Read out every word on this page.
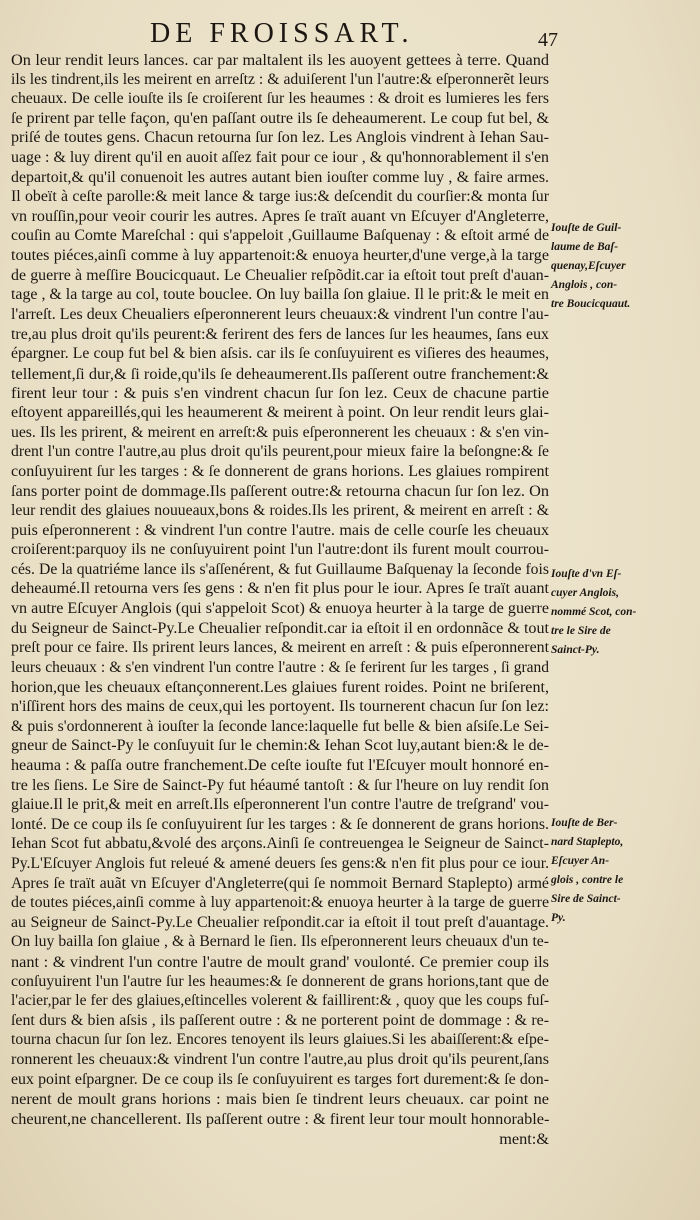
DE FROISSART.	47
On leur rendit leurs lances. car par maltalent ils les auoyent gettees à terre. Quand
ils les tindrent,ils les meirent en arreſtz : & aduiſerent l'un l'autre:& eſperonnerẽt leurs
cheuaux. De celle iouſte ils ſe croiſerent ſur les heaumes : & droit es lumieres les fers
ſe prirent par telle façon, qu'en paſſant outre ils ſe deheaumerent. Le coup fut bel, &
priſé de toutes gens. Chacun retourna ſur ſon lez. Les Anglois vindrent à Iehan Sau-
uage : & luy dirent qu'il en auoit aſſez fait pour ce iour , & qu'honnorablement il s'en
departoit,& qu'il conuenoit les autres autant bien iouſter comme luy , & faire armes.
Il obeït à ceſte parolle:& meit lance & targe ius:& deſcendit du courſier:& monta ſur
vn rouſſin,pour veoir courir les autres. Apres ſe traït auant vn Eſcuyer d'Angleterre,
couſin au Comte Mareſchal : qui s'appeloit ,Guillaume Baſquenay : & eſtoit armé de
toutes piéces,ainſi comme à luy appartenoit:& enuoya heurter,d'une verge,à la targe
de guerre à meſſire Boucicquaut. Le Cheualier reſpõdit.car ia eſtoit tout preſt d'auan-
tage , & la targe au col, toute bouclee. On luy bailla ſon glaiue. Il le prit:& le meit en
l'arreſt. Les deux Cheualiers eſperonnerent leurs cheuaux:& vindrent l'un contre l'au-
tre,au plus droit qu'ils peurent:& ferirent des fers de lances ſur les heaumes, ſans eux
épargner. Le coup fut bel & bien aſsis. car ils ſe conſuyuirent es viſieres des heaumes,
tellement,ſi dur,& ſi roide,qu'ils ſe deheaumerent.Ils paſſerent outre franchement:&
firent leur tour : & puis s'en vindrent chacun ſur ſon lez. Ceux de chacune partie
eſtoyent appareillés,qui les heaumerent & meirent à point. On leur rendit leurs glai-
ues. Ils les prirent, & meirent en arreſt:& puis eſperonnerent les cheuaux : & s'en vin-
drent l'un contre l'autre,au plus droit qu'ils peurent,pour mieux faire la beſongne:& ſe
conſuyuirent ſur les targes : & ſe donnerent de grans horions. Les glaiues rompirent
ſans porter point de dommage.Ils paſſerent outre:& retourna chacun ſur ſon lez. On
leur rendit des glaiues nouueaux,bons & roides.Ils les prirent, & meirent en arreſt : &
puis eſperonnerent : & vindrent l'un contre l'autre. mais de celle courſe les cheuaux
croiſerent:parquoy ils ne conſuyuirent point l'un l'autre:dont ils furent moult courrou-
cés. De la quatriéme lance ils s'aſſenérent, & fut Guillaume Baſquenay la ſeconde fois
deheaumé.Il retourna vers ſes gens : & n'en fit plus pour le iour. Apres ſe traït auant
vn autre Eſcuyer Anglois (qui s'appeloit Scot) & enuoya heurter à la targe de guerre
du Seigneur de Sainct-Py.Le Cheualier reſpondit.car ia eſtoit il en ordonnãce & tout
preſt pour ce faire. Ils prirent leurs lances, & meirent en arreſt : & puis eſperonnerent
leurs cheuaux : & s'en vindrent l'un contre l'autre : & ſe ferirent ſur les targes , ſi grand
horion,que les cheuaux eſtançonnerent.Les glaiues furent roides. Point ne briſerent,
n'iſſirent hors des mains de ceux,qui les portoyent. Ils tournerent chacun ſur ſon lez:
& puis s'ordonnerent à iouſter la ſeconde lance:laquelle fut belle & bien aſsiſe.Le Sei-
gneur de Sainct-Py le conſuyuit ſur le chemin:& Iehan Scot luy,autant bien:& le de-
heauma : & paſſa outre franchement.De ceſte iouſte fut l'Eſcuyer moult honnoré en-
tre les ſiens. Le Sire de Sainct-Py fut héaumé tantoſt : & ſur l'heure on luy rendit ſon
glaiue.Il le prit,& meit en arreſt.Ils eſperonnerent l'un contre l'autre de treſgrand' vou-
lonté. De ce coup ils ſe conſuyuirent ſur les targes : & ſe donnerent de grans horions.
Iehan Scot fut abbatu,&volé des arçons.Ainſi ſe contreuengea le Seigneur de Sainct-
Py.L'Eſcuyer Anglois fut releué & amené deuers ſes gens:& n'en fit plus pour ce iour.
Apres ſe traït auãt vn Eſcuyer d'Angleterre(qui ſe nommoit Bernard Staplepto) armé
de toutes piéces,ainſi comme à luy appartenoit:& enuoya heurter à la targe de guerre
au Seigneur de Sainct-Py.Le Cheualier reſpondit.car ia eſtoit il tout preſt d'auantage.
On luy bailla ſon glaiue , & à Bernard le ſien. Ils eſperonnerent leurs cheuaux d'un te-
nant : & vindrent l'un contre l'autre de moult grand' voulonté. Ce premier coup ils
conſuyuirent l'un l'autre ſur les heaumes:& ſe donnerent de grans horions,tant que de
l'acier,par le fer des glaiues,eſtincelles volerent & faillirent:& , quoy que les coups fuſ-
ſent durs & bien aſsis , ils paſſerent outre : & ne porterent point de dommage : & re-
tourna chacun ſur ſon lez. Encores tenoyent ils leurs glaiues.Si les abaiſſerent:& eſpe-
ronnerent les cheuaux:& vindrent l'un contre l'autre,au plus droit qu'ils peurent,ſans
eux point eſpargner. De ce coup ils ſe conſuyuirent es targes fort durement:& ſe don-
nerent de moult grans horions : mais bien ſe tindrent leurs cheuaux. car point ne
cheurent,ne chancellerent. Ils paſſerent outre : & firent leur tour moult honnorable-
ment:&
Iouſte de Guil-
laume de Baſ-
quenay,Eſcuyer
Anglois , con-
tre Boucicquaut.
Iouſte d'vn Eſ-
cuyer Anglois,
nommé Scot, con-
tre le Sire de
Sainct-Py.
Iouſte de Ber-
nard Staplepto,
Eſcuyer An-
glois , contre le
Sire de Sainct-
Py.
